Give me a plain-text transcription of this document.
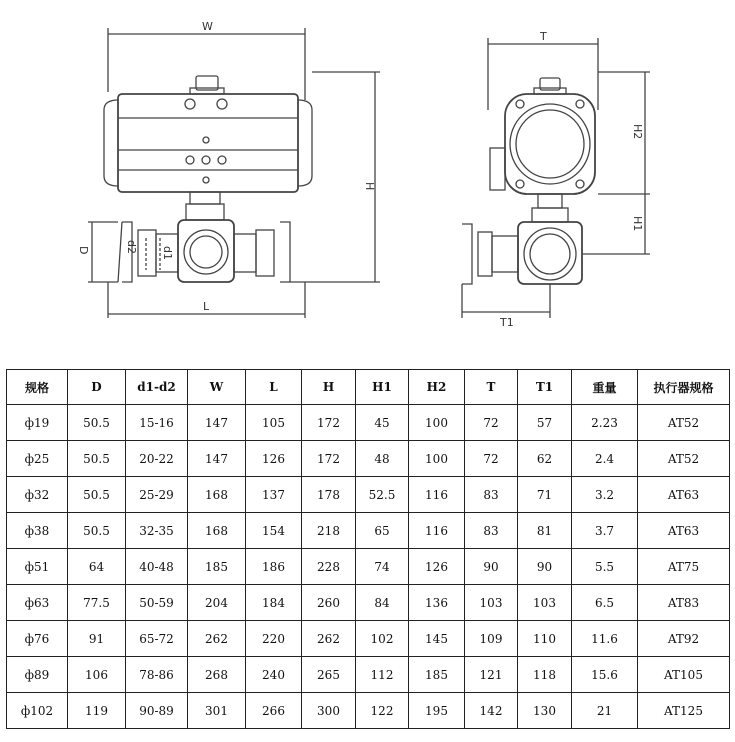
W
H
L
D	d2 d1
T
H2
H1
T1
规格	D	d1-d2	W	L	H	H1	H2	T	T1	重量	执行器规格
ф19	50.5	15-16	147	105	172	45	100	72	57	2.23	AT52
ф25	50.5	20-22	147	126	172	48	100	72	62	2.4	AT52
ф32	50.5	25-29	168	137	178	52.5	116	83	71	3.2	AT63
ф38	50.5	32-35	168	154	218	65	116	83	81	3.7	AT63
ф51	64	40-48	185	186	228	74	126	90	90	5.5	AT75
ф63	77.5	50-59	204	184	260	84	136	103	103	6.5	AT83
ф76	91	65-72	262	220	262	102	145	109	110	11.6	AT92
ф89	106	78-86	268	240	265	112	185	121	118	15.6	AT105
ф102	119	90-89	301	266	300	122	195	142	130	21	AT125
